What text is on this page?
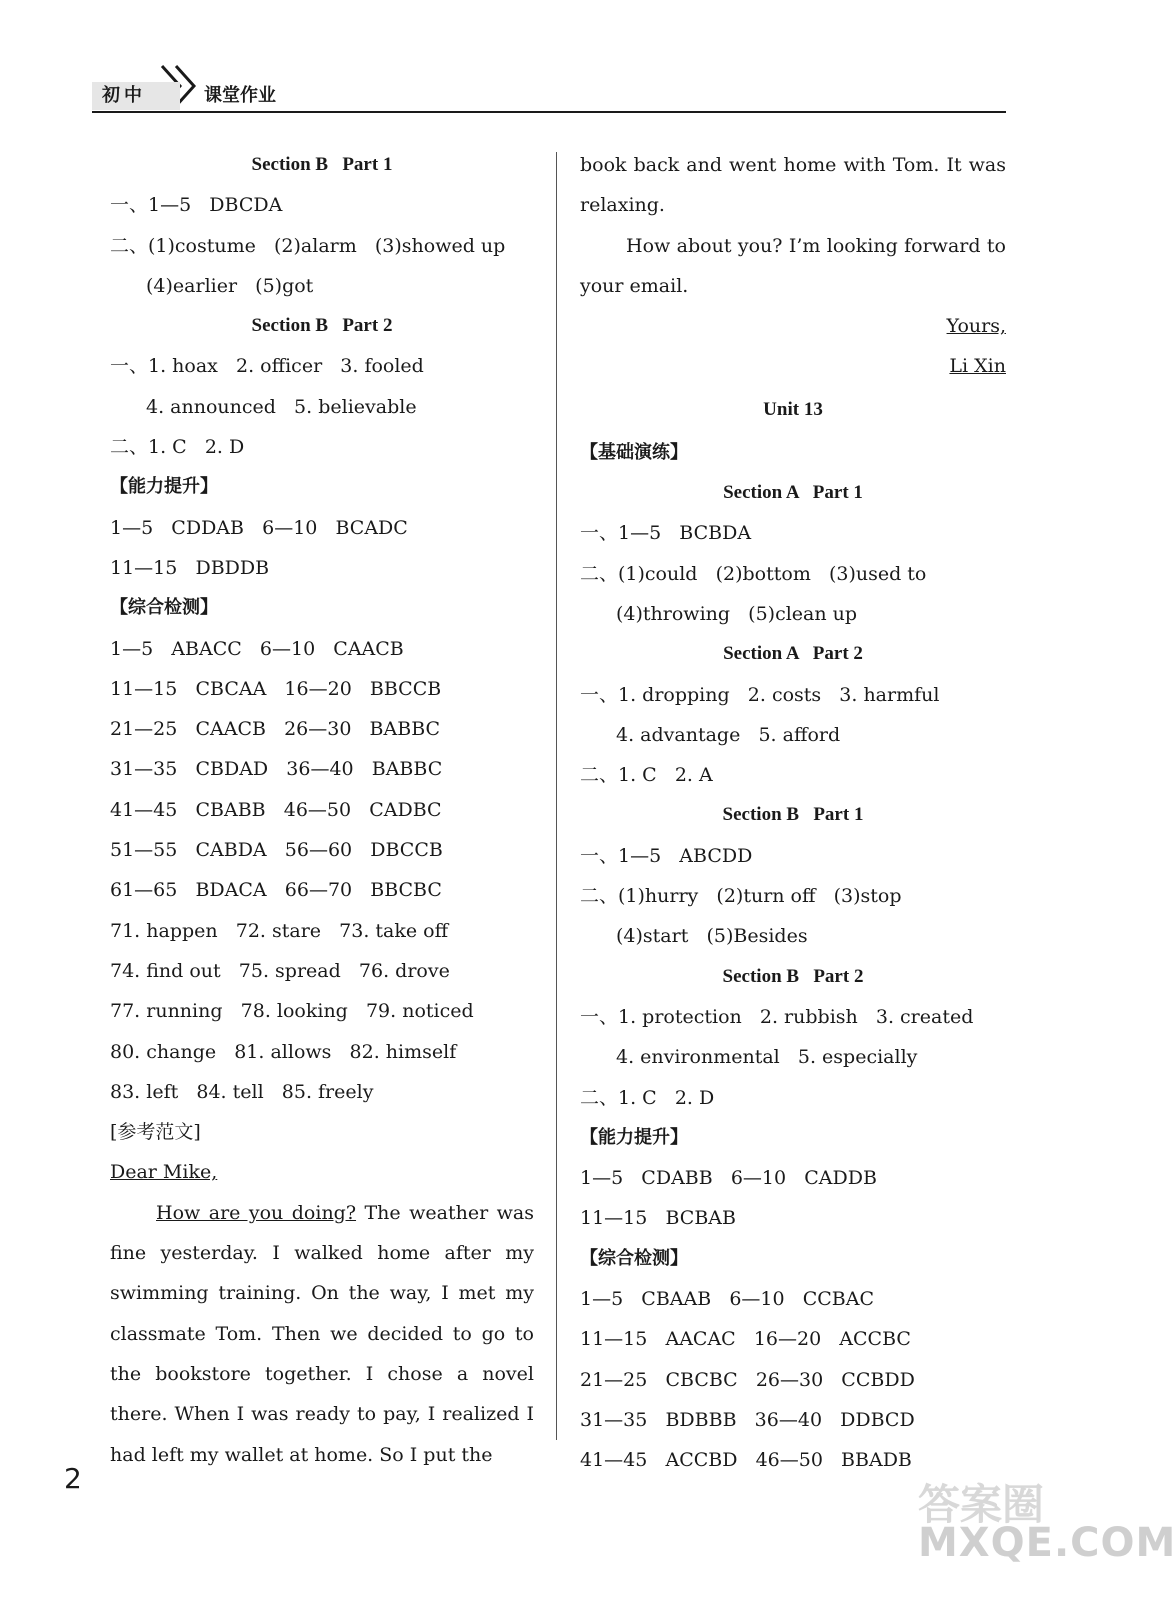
初中	课堂作业
Section B   Part 1
一、1—5   DBCDA
二、(1)costume   (2)alarm   (3)showed up
(4)earlier   (5)got
Section B   Part 2
一、1. hoax   2. officer   3. fooled
4. announced   5. believable
二、1. C   2. D
【能力提升】
1—5   CDDAB   6—10   BCADC
11—15   DBDDB
【综合检测】
1—5   ABACC   6—10   CAACB
11—15   CBCAA   16—20   BBCCB
21—25   CAACB   26—30   BABBC
31—35   CBDAD   36—40   BABBC
41—45   CBABB   46—50   CADBC
51—55   CABDA   56—60   DBCCB
61—65   BDACA   66—70   BBCBC
71. happen   72. stare   73. take off
74. find out   75. spread   76. drove
77. running   78. looking   79. noticed
80. change   81. allows   82. himself
83. left   84. tell   85. freely
[参考范文]
Dear Mike,
How are you doing? The weather was fine yesterday. I walked home after my swimming training. On the way, I met my classmate Tom. Then we decided to go to the bookstore together. I chose a novel there. When I was ready to pay, I realized I had left my wallet at home. So I put the
book back and went home with Tom. It was relaxing.
How about you? I’m looking forward to your email.
Yours,
Li Xin
Unit 13
【基础演练】
Section A   Part 1
一、1—5   BCBDA
二、(1)could   (2)bottom   (3)used to
(4)throwing   (5)clean up
Section A   Part 2
一、1. dropping   2. costs   3. harmful
4. advantage   5. afford
二、1. C   2. A
Section B   Part 1
一、1—5   ABCDD
二、(1)hurry   (2)turn off   (3)stop
(4)start   (5)Besides
Section B   Part 2
一、1. protection   2. rubbish   3. created
4. environmental   5. especially
二、1. C   2. D
【能力提升】
1—5   CDABB   6—10   CADDB
11—15   BCBAB
【综合检测】
1—5   CBAAB   6—10   CCBAC
11—15   AACAC   16—20   ACCBC
21—25   CBCBC   26—30   CCBDD
31—35   BDBBB   36—40   DDBCD
41—45   ACCBD   46—50   BBADB
2
答案圈
MXQE.COM
